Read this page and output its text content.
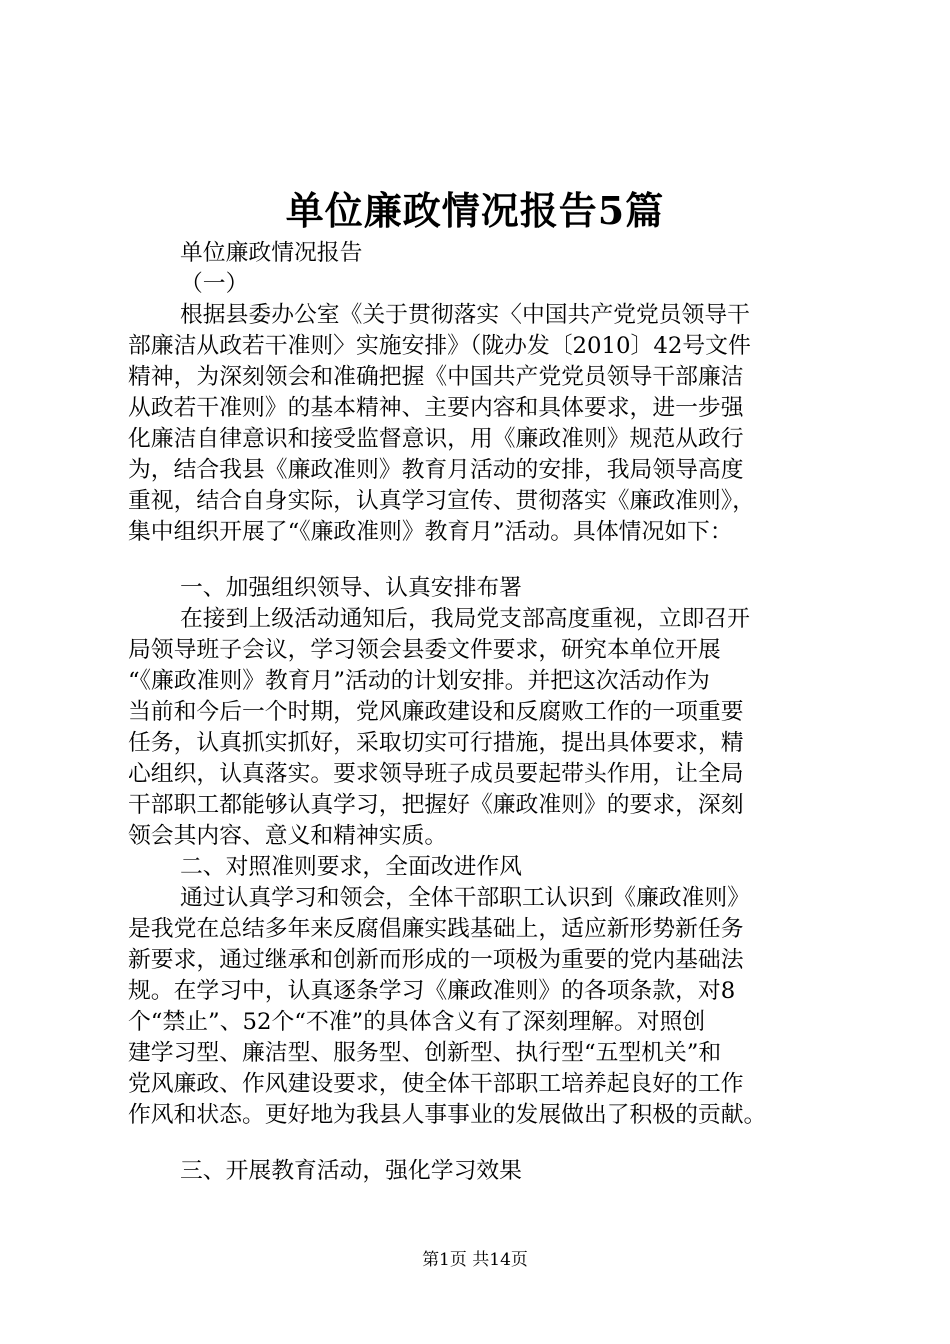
单位廉政情况报告5篇
单位廉政情况报告
（一）
根据县委办公室《关于贯彻落实〈中国共产党党员领导干
部廉洁从政若干准则〉实施安排》（陇办发〔2010〕42号文件
精神，为深刻领会和准确把握《中国共产党党员领导干部廉洁
从政若干准则》的基本精神、主要内容和具体要求，进一步强
化廉洁自律意识和接受监督意识，用《廉政准则》规范从政行
为，结合我县《廉政准则》教育月活动的安排，我局领导高度
重视，结合自身实际，认真学习宣传、贯彻落实《廉政准则》，
集中组织开展了“《廉政准则》教育月”活动。具体情况如下：
一、加强组织领导、认真安排布署
在接到上级活动通知后，我局党支部高度重视，立即召开
局领导班子会议，学习领会县委文件要求，研究本单位开展
“《廉政准则》教育月”活动的计划安排。并把这次活动作为
当前和今后一个时期，党风廉政建设和反腐败工作的一项重要
任务，认真抓实抓好，采取切实可行措施，提出具体要求，精
心组织，认真落实。要求领导班子成员要起带头作用，让全局
干部职工都能够认真学习，把握好《廉政准则》的要求，深刻
领会其内容、意义和精神实质。
二、对照准则要求，全面改进作风
通过认真学习和领会，全体干部职工认识到《廉政准则》
是我党在总结多年来反腐倡廉实践基础上，适应新形势新任务
新要求，通过继承和创新而形成的一项极为重要的党内基础法
规。在学习中，认真逐条学习《廉政准则》的各项条款，对8
个“禁止”、52个“不准”的具体含义有了深刻理解。对照创
建学习型、廉洁型、服务型、创新型、执行型“五型机关”和
党风廉政、作风建设要求，使全体干部职工培养起良好的工作
作风和状态。更好地为我县人事事业的发展做出了积极的贡献。
三、开展教育活动，强化学习效果
第1页 共14页
